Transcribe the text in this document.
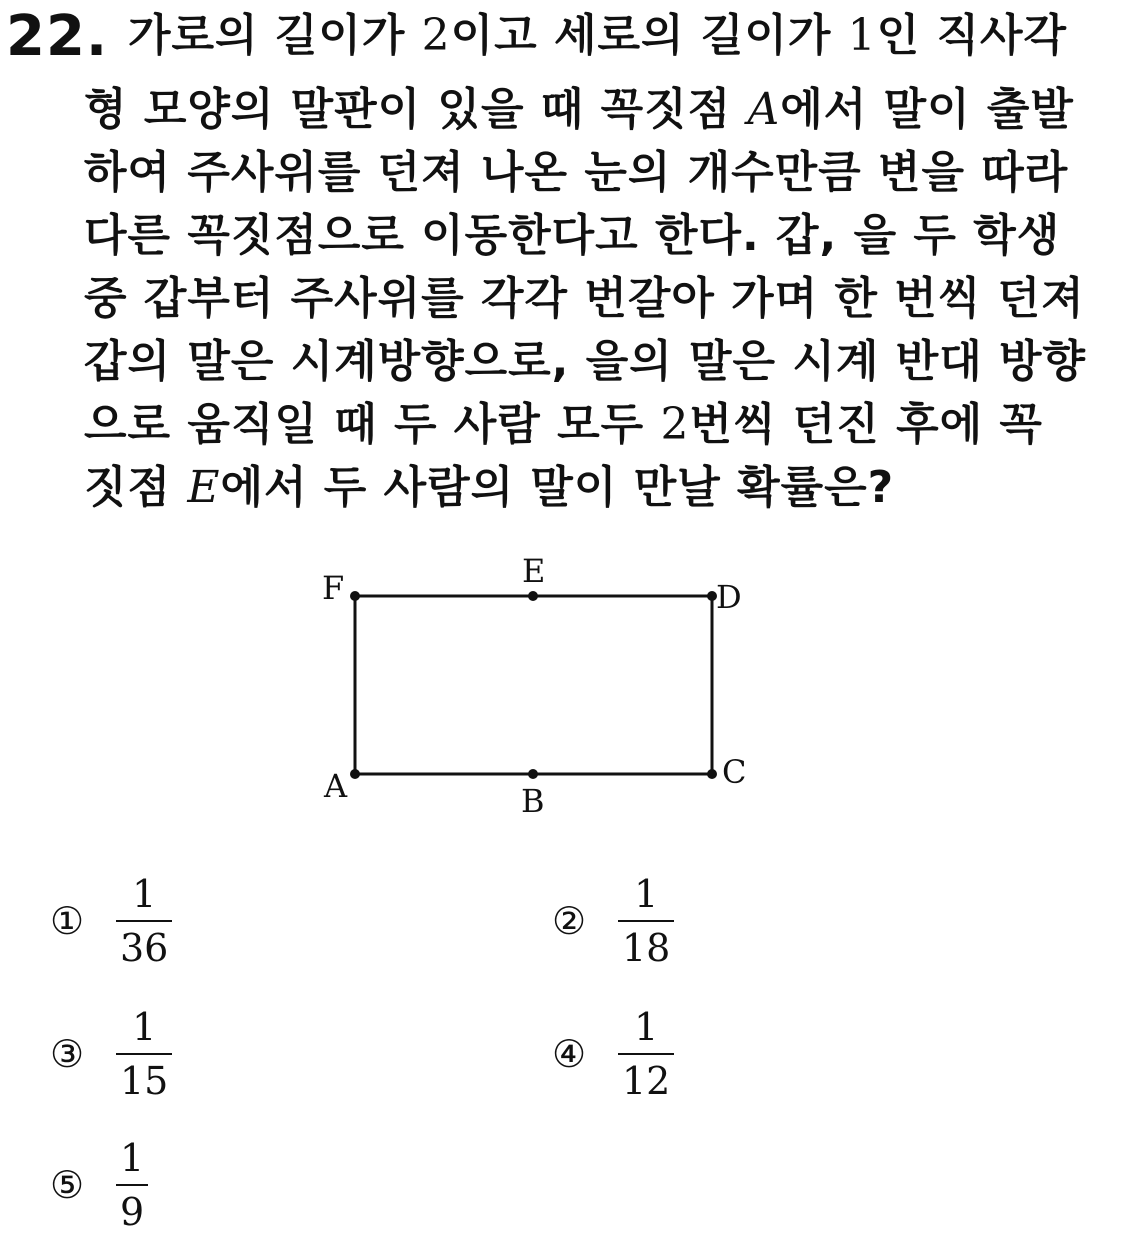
22. 가로의 길이가 2이고 세로의 길이가 1인 직사각
형 모양의 말판이 있을 때 꼭짓점 A에서 말이 출발
하여 주사위를 던져 나온 눈의 개수만큼 변을 따라
다른 꼭짓점으로 이동한다고 한다. 갑, 을 두 학생
중 갑부터 주사위를 각각 번갈아 가며 한 번씩 던져
갑의 말은 시계방향으로, 을의 말은 시계 반대 방향
으로 움직일 때 두 사람 모두 2번씩 던진 후에 꼭
짓점 E에서 두 사람의 말이 만날 확률은?
A	B
C
D
E
F
① $\frac{1}{36}$	② $\frac{1}{18}$
③ $\frac{1}{15}$	④ $\frac{1}{12}$
⑤ $\frac{1}{9}$
